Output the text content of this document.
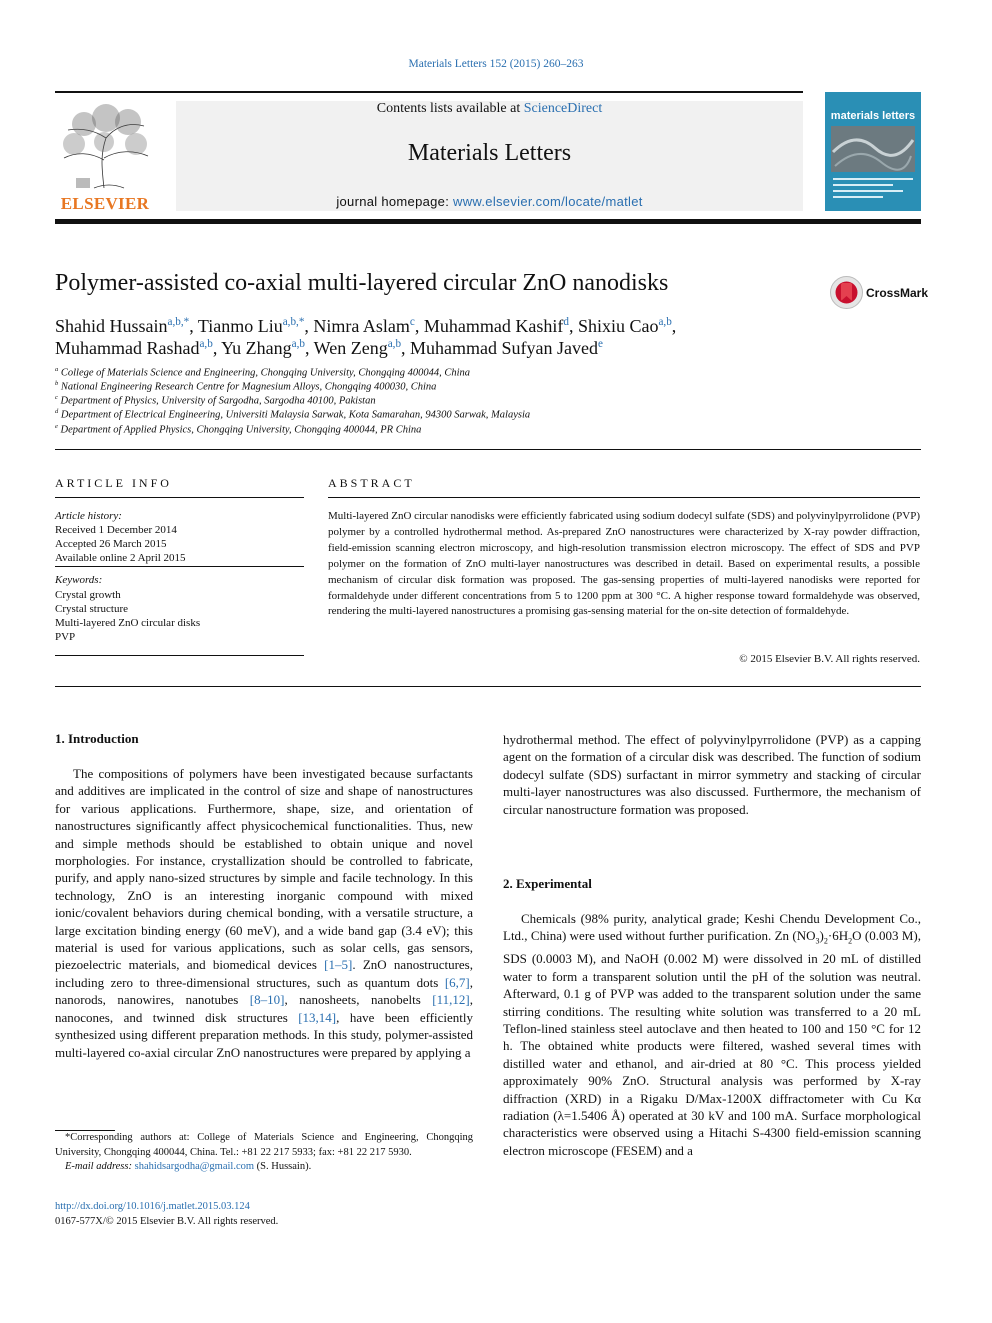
Materials Letters 152 (2015) 260–263
ELSEVIER
Contents lists available at ScienceDirect
Materials Letters
journal homepage: www.elsevier.com/locate/matlet
materials letters
Polymer-assisted co-axial multi-layered circular ZnO nanodisks	CrossMark
Shahid Hussain$^{a,b,*}$, Tianmo Liu$^{a,b,*}$, Nimra Aslam$^c$, Muhammad Kashif$^d$, Shixiu Cao$^{a,b}$,
Muhammad Rashad$^{a,b}$, Yu Zhang$^{a,b}$, Wen Zeng$^{a,b}$, Muhammad Sufyan Javed$^e$
$^a$ College of Materials Science and Engineering, Chongqing University, Chongqing 400044, China
$^b$ National Engineering Research Centre for Magnesium Alloys, Chongqing 400030, China
$^c$ Department of Physics, University of Sargodha, Sargodha 40100, Pakistan
$^d$ Department of Electrical Engineering, Universiti Malaysia Sarwak, Kota Samarahan, 94300 Sarwak, Malaysia
$^e$ Department of Applied Physics, Chongqing University, Chongqing 400044, PR China
ARTICLE INFO	ABSTRACT
Article history:
Received 1 December 2014
Accepted 26 March 2015
Available online 2 April 2015
Keywords:
Crystal growth
Crystal structure
Multi-layered ZnO circular disks
PVP
Multi-layered ZnO circular nanodisks were efficiently fabricated using sodium dodecyl sulfate (SDS) and polyvinylpyrrolidone (PVP) polymer by a controlled hydrothermal method. As-prepared ZnO nanostructures were characterized by X-ray powder diffraction, field-emission scanning electron microscopy, and high-resolution transmission electron microscopy. The effect of SDS and PVP polymer on the formation of ZnO multi-layer nanostructures was described in detail. Based on experimental results, a possible mechanism of circular disk formation was proposed. The gas-sensing properties of multi-layered nanodisks were reported for formaldehyde under different concentrations from 5 to 1200 ppm at 300 °C. A higher response toward formaldehyde was observed, rendering the multi-layered nanostructures a promising gas-sensing material for the on-site detection of formaldehyde.
© 2015 Elsevier B.V. All rights reserved.
1. Introduction
The compositions of polymers have been investigated because surfactants and additives are implicated in the control of size and shape of nanostructures for various applications. Furthermore, shape, size, and orientation of nanostructures significantly affect physicochemical functionalities. Thus, new and simple methods should be established to obtain unique and novel morphologies. For instance, crystallization should be controlled to fabricate, purify, and apply nano-sized structures by simple and facile technology. In this technology, ZnO is an interesting inorganic compound with mixed ionic/covalent behaviors during chemical bonding, with a versatile structure, a large excitation binding energy (60 meV), and a wide band gap (3.4 eV); this material is used for various applications, such as solar cells, gas sensors, piezoelectric materials, and biomedical devices [1–5]. ZnO nanostructures, including zero to three-dimensional structures, such as quantum dots [6,7], nanorods, nanowires, nanotubes [8–10], nanosheets, nanobelts [11,12], nanocones, and twinned disk structures [13,14], have been efficiently synthesized using different preparation methods. In this study, polymer-assisted multi-layered co-axial circular ZnO nanostructures were prepared by applying a
hydrothermal method. The effect of polyvinylpyrrolidone (PVP) as a capping agent on the formation of a circular disk was described. The function of sodium dodecyl sulfate (SDS) surfactant in mirror symmetry and stacking of circular multi-layer nanostructures was also discussed. Furthermore, the mechanism of circular nanostructure formation was proposed.
2. Experimental
Chemicals (98% purity, analytical grade; Keshi Chendu Development Co., Ltd., China) were used without further purification. Zn $(NO_3)_2\cdot 6H_2O$ (0.003 M), SDS (0.0003 M), and NaOH (0.002 M) were dissolved in 20 mL of distilled water to form a transparent solution until the pH of the solution was neutral. Afterward, 0.1 g of PVP was added to the transparent solution under the same stirring conditions. The resulting white solution was transferred to a 20 mL Teflon-lined stainless steel autoclave and then heated to 100 and 150 °C for 12 h. The obtained white products were filtered, washed several times with distilled water and ethanol, and air-dried at 80 °C. This process yielded approximately 90% ZnO. Structural analysis was performed by X-ray diffraction (XRD) in a Rigaku D/Max-1200X diffractometer with Cu Kα radiation (λ=1.5406 Å) operated at 30 kV and 100 mA. Surface morphological characteristics were observed using a Hitachi S-4300 field-emission scanning electron microscope (FESEM) and a
*Corresponding authors at: College of Materials Science and Engineering, Chongqing University, Chongqing 400044, China. Tel.: +81 22 217 5933; fax: +81 22 217 5930.
E-mail address: shahidsargodha@gmail.com (S. Hussain).
http://dx.doi.org/10.1016/j.matlet.2015.03.124
0167-577X/© 2015 Elsevier B.V. All rights reserved.
